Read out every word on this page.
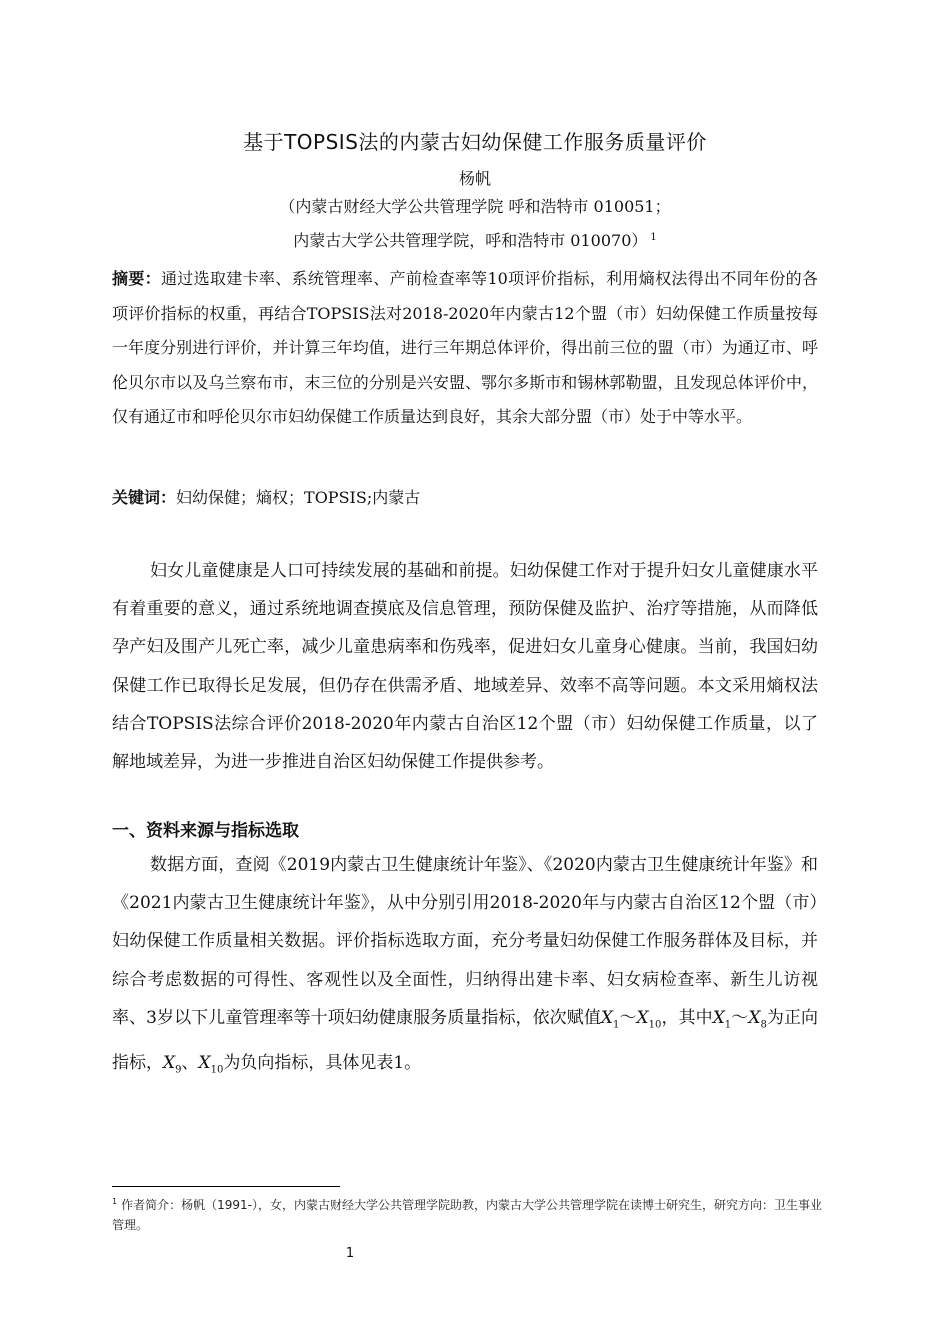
基于TOPSIS法的内蒙古妇幼保健工作服务质量评价
杨帆
（内蒙古财经大学公共管理学院 呼和浩特市 010051；
内蒙古大学公共管理学院，呼和浩特市 010070） $^1$
摘要：通过选取建卡率、系统管理率、产前检查率等10项评价指标，利用熵权法得出不同年份的各项评价指标的权重，再结合TOPSIS法对2018-2020年内蒙古12个盟（市）妇幼保健工作质量按每一年度分别进行评价，并计算三年均值，进行三年期总体评价，得出前三位的盟（市）为通辽市、呼伦贝尔市以及乌兰察布市，末三位的分别是兴安盟、鄂尔多斯市和锡林郭勒盟，且发现总体评价中，仅有通辽市和呼伦贝尔市妇幼保健工作质量达到良好，其余大部分盟（市）处于中等水平。
关键词：妇幼保健；熵权；TOPSIS;内蒙古
妇女儿童健康是人口可持续发展的基础和前提。妇幼保健工作对于提升妇女儿童健康水平有着重要的意义，通过系统地调查摸底及信息管理，预防保健及监护、治疗等措施，从而降低孕产妇及围产儿死亡率，减少儿童患病率和伤残率，促进妇女儿童身心健康。当前，我国妇幼保健工作已取得长足发展，但仍存在供需矛盾、地域差异、效率不高等问题。本文采用熵权法结合TOPSIS法综合评价2018-2020年内蒙古自治区12个盟（市）妇幼保健工作质量，以了解地域差异，为进一步推进自治区妇幼保健工作提供参考。
一、资料来源与指标选取
数据方面，查阅《2019内蒙古卫生健康统计年鉴》、《2020内蒙古卫生健康统计年鉴》和《2021内蒙古卫生健康统计年鉴》，从中分别引用2018-2020年与内蒙古自治区12个盟（市）妇幼保健工作质量相关数据。评价指标选取方面，充分考量妇幼保健工作服务群体及目标，并综合考虑数据的可得性、客观性以及全面性，归纳得出建卡率、妇女病检查率、新生儿访视率、3岁以下儿童管理率等十项妇幼健康服务质量指标，依次赋值$X_1\sim X_{10}$，其中$X_1\sim X_8$为正向指标，$X_9$、$X_{10}$为负向指标，具体见表1。
$^1$ 作者简介：杨帆（1991-），女，内蒙古财经大学公共管理学院助教，内蒙古大学公共管理学院在读博士研究生，研究方向：卫生事业管理。
1
